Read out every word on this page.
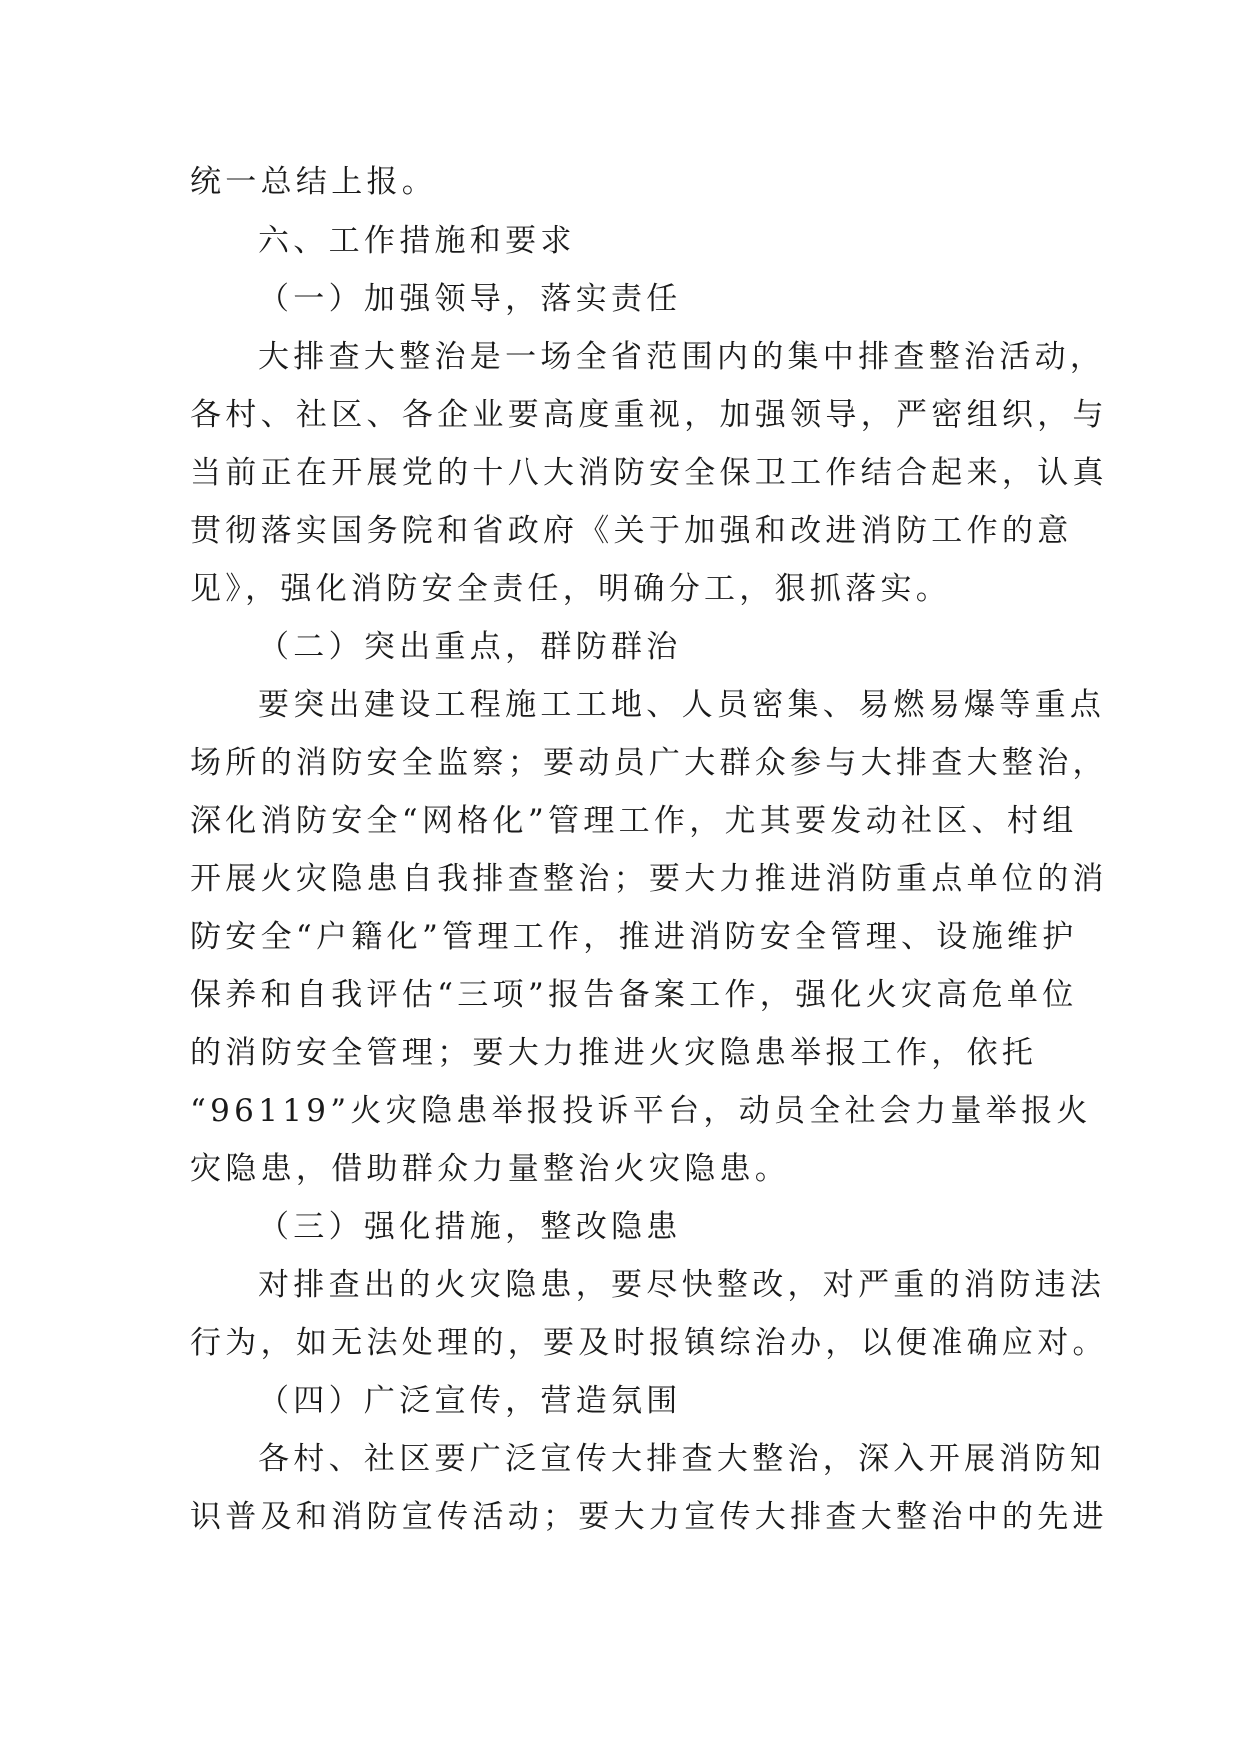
统一总结上报。
六、工作措施和要求
（一）加强领导，落实责任
大排查大整治是一场全省范围内的集中排查整治活动，
各村、社区、各企业要高度重视，加强领导，严密组织，与
当前正在开展党的十八大消防安全保卫工作结合起来，认真
贯彻落实国务院和省政府《关于加强和改进消防工作的意
见》，强化消防安全责任，明确分工，狠抓落实。
（二）突出重点，群防群治
要突出建设工程施工工地、人员密集、易燃易爆等重点
场所的消防安全监察；要动员广大群众参与大排查大整治，
深化消防安全“网格化”管理工作，尤其要发动社区、村组
开展火灾隐患自我排查整治；要大力推进消防重点单位的消
防安全“户籍化”管理工作，推进消防安全管理、设施维护
保养和自我评估“三项”报告备案工作，强化火灾高危单位
的消防安全管理；要大力推进火灾隐患举报工作，依托
“96119”火灾隐患举报投诉平台，动员全社会力量举报火
灾隐患，借助群众力量整治火灾隐患。
（三）强化措施，整改隐患
对排查出的火灾隐患，要尽快整改，对严重的消防违法
行为，如无法处理的，要及时报镇综治办，以便准确应对。
（四）广泛宣传，营造氛围
各村、社区要广泛宣传大排查大整治，深入开展消防知
识普及和消防宣传活动；要大力宣传大排查大整治中的先进
